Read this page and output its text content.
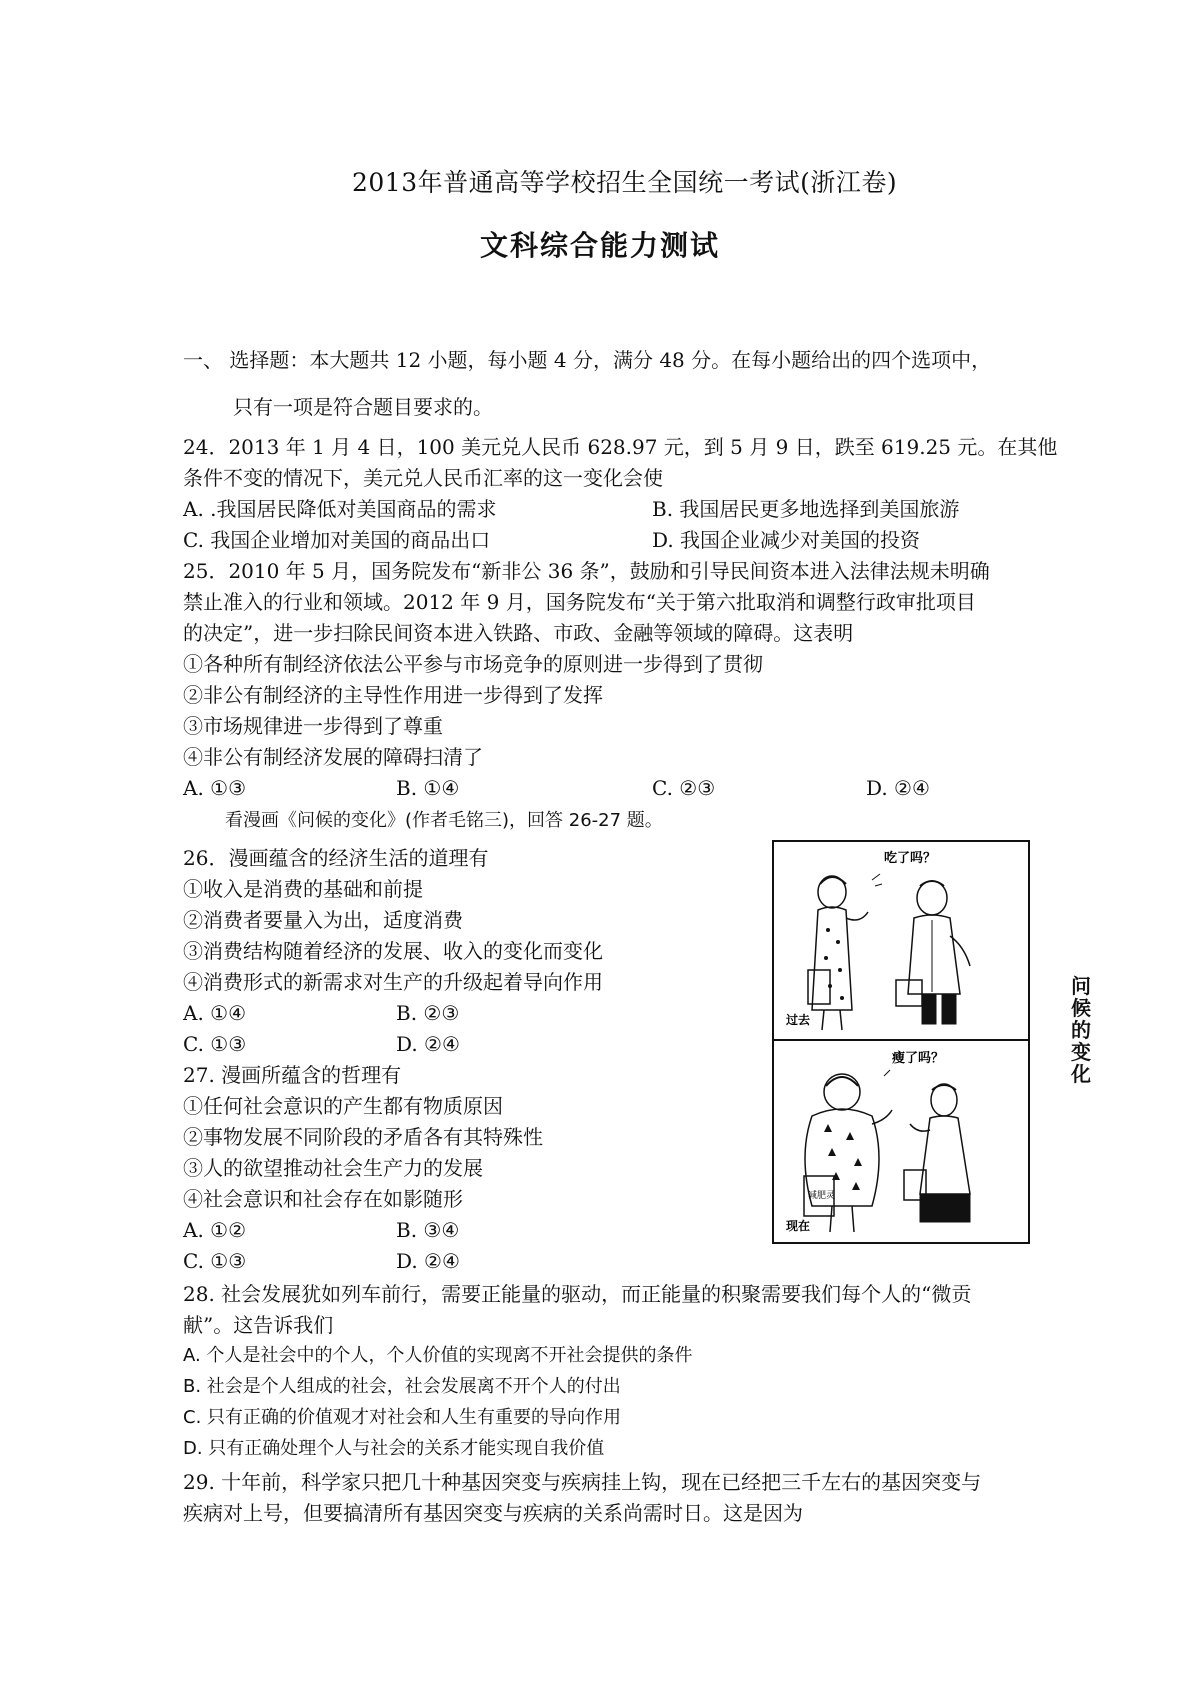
2013年普通高等学校招生全国统一考试(浙江卷)
文科综合能力测试
一、 选择题：本大题共 12 小题，每小题 4 分，满分 48 分。在每小题给出的四个选项中，
只有一项是符合题目要求的。
24．2013 年 1 月 4 日，100 美元兑人民币 628.97 元，到 5 月 9 日，跌至 619.25 元。在其他
条件不变的情况下，美元兑人民币汇率的这一变化会使
A. .我国居民降低对美国商品的需求	B. 我国居民更多地选择到美国旅游
C. 我国企业增加对美国的商品出口	D. 我国企业减少对美国的投资
25．2010 年 5 月，国务院发布“新非公 36 条”，鼓励和引导民间资本进入法律法规未明确
禁止准入的行业和领域。2012 年 9 月，国务院发布“关于第六批取消和调整行政审批项目
的决定”，进一步扫除民间资本进入铁路、市政、金融等领域的障碍。这表明
①各种所有制经济依法公平参与市场竞争的原则进一步得到了贯彻
②非公有制经济的主导性作用进一步得到了发挥
③市场规律进一步得到了尊重
④非公有制经济发展的障碍扫清了
A. ①③	B. ①④	C. ②③	D. ②④
看漫画《问候的变化》(作者毛铭三)，回答 26-27 题。
26．漫画蕴含的经济生活的道理有
①收入是消费的基础和前提
②消费者要量入为出，适度消费
③消费结构随着经济的发展、收入的变化而变化
④消费形式的新需求对生产的升级起着导向作用
A. ①④	B. ②③
C. ①③	D. ②④
27. 漫画所蕴含的哲理有
①任何社会意识的产生都有物质原因
②事物发展不同阶段的矛盾各有其特殊性
③人的欲望推动社会生产力的发展
④社会意识和社会存在如影随形
A. ①②	B. ③④
C. ①③	D. ②④
28. 社会发展犹如列车前行，需要正能量的驱动，而正能量的积聚需要我们每个人的“微贡
献”。这告诉我们
A. 个人是社会中的个人，个人价值的实现离不开社会提供的条件
B. 社会是个人组成的社会，社会发展离不开个人的付出
C. 只有正确的价值观才对社会和人生有重要的导向作用
D. 只有正确处理个人与社会的关系才能实现自我价值
29. 十年前，科学家只把几十种基因突变与疾病挂上钩，现在已经把三千左右的基因突变与
疾病对上号，但要搞清所有基因突变与疾病的关系尚需时日。这是因为
吃了吗？
过去
瘦了吗？
减肥灵
现在
问
候
的
变
化
